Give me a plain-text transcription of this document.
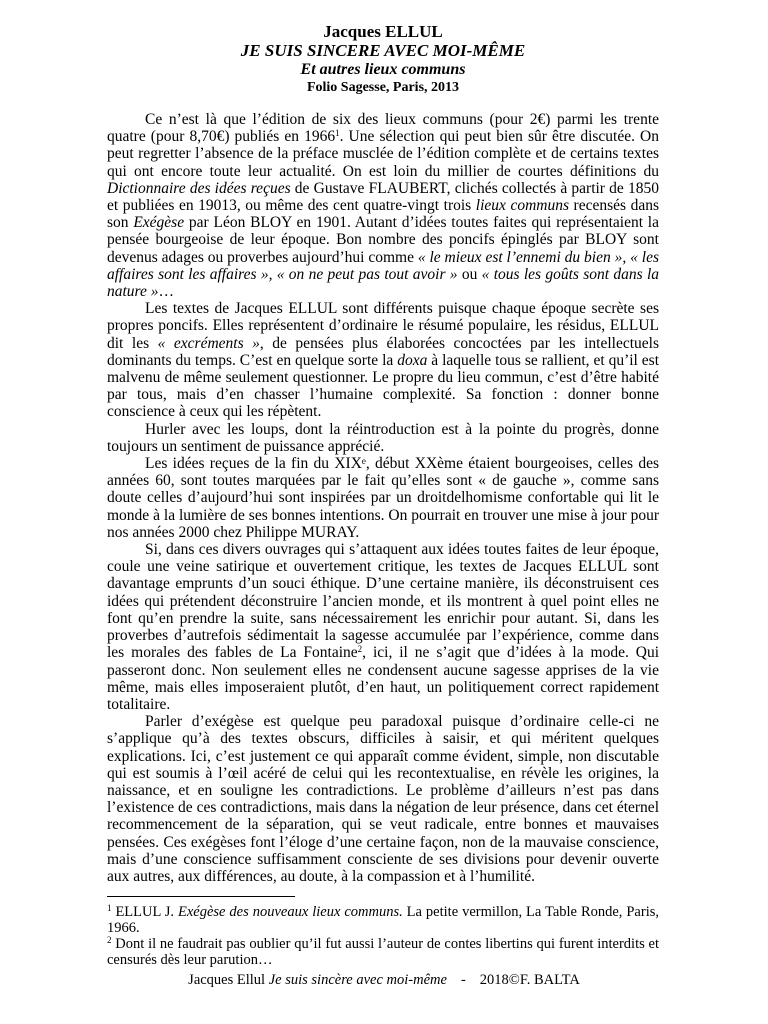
Jacques ELLUL
JE SUIS SINCERE AVEC MOI-MÊME
Et autres lieux communs
Folio Sagesse, Paris, 2013

Ce n’est là que l’édition de six des lieux communs (pour 2€) parmi les trente quatre (pour 8,70€) publiés en 1966$^1$. Une sélection qui peut bien sûr être discutée. On peut regretter l’absence de la préface musclée de l’édition complète et de certains textes qui ont encore toute leur actualité. On est loin du millier de courtes définitions du Dictionnaire des idées reçues de Gustave FLAUBERT, clichés collectés à partir de 1850 et publiées en 19013, ou même des cent quatre-vingt trois lieux communs recensés dans son Exégèse par Léon BLOY en 1901. Autant d’idées toutes faites qui représentaient la pensée bourgeoise de leur époque. Bon nombre des poncifs épinglés par BLOY sont devenus adages ou proverbes aujourd’hui comme « le mieux est l’ennemi du bien », « les affaires sont les affaires », « on ne peut pas tout avoir » ou « tous les goûts sont dans la nature »…

Les textes de Jacques ELLUL sont différents puisque chaque époque secrète ses propres poncifs. Elles représentent d’ordinaire le résumé populaire, les résidus, ELLUL dit les « excréments », de pensées plus élaborées concoctées par les intellectuels dominants du temps. C’est en quelque sorte la doxa à laquelle tous se rallient, et qu’il est malvenu de même seulement questionner. Le propre du lieu commun, c’est d’être habité par tous, mais d’en chasser l’humaine complexité. Sa fonction : donner bonne conscience à ceux qui les répètent.

Hurler avec les loups, dont la réintroduction est à la pointe du progrès, donne toujours un sentiment de puissance apprécié.

Les idées reçues de la fin du XIXᵉ, début XXème étaient bourgeoises, celles des années 60, sont toutes marquées par le fait qu’elles sont « de gauche », comme sans doute celles d’aujourd’hui sont inspirées par un droitdelhomisme confortable qui lit le monde à la lumière de ses bonnes intentions. On pourrait en trouver une mise à jour pour nos années 2000 chez Philippe MURAY.

Si, dans ces divers ouvrages qui s’attaquent aux idées toutes faites de leur époque, coule une veine satirique et ouvertement critique, les textes de Jacques ELLUL sont davantage emprunts d’un souci éthique. D’une certaine manière, ils déconstruisent ces idées qui prétendent déconstruire l’ancien monde, et ils montrent à quel point elles ne font qu’en prendre la suite, sans nécessairement les enrichir pour autant. Si, dans les proverbes d’autrefois sédimentait la sagesse accumulée par l’expérience, comme dans les morales des fables de La Fontaine$^2$, ici, il ne s’agit que d’idées à la mode. Qui passeront donc. Non seulement elles ne condensent aucune sagesse apprises de la vie même, mais elles imposeraient plutôt, d’en haut, un politiquement correct rapidement totalitaire.

Parler d’exégèse est quelque peu paradoxal puisque d’ordinaire celle-ci ne s’applique qu’à des textes obscurs, difficiles à saisir, et qui méritent quelques explications. Ici, c’est justement ce qui apparaît comme évident, simple, non discutable qui est soumis à l’œil acéré de celui qui les recontextualise, en révèle les origines, la naissance, et en souligne les contradictions. Le problème d’ailleurs n’est pas dans l’existence de ces contradictions, mais dans la négation de leur présence, dans cet éternel recommencement de la séparation, qui se veut radicale, entre bonnes et mauvaises pensées. Ces exégèses font l’éloge d’une certaine façon, non de la mauvaise conscience, mais d’une conscience suffisamment consciente de ses divisions pour devenir ouverte aux autres, aux différences, au doute, à la compassion et à l’humilité.

$^1$ ELLUL J. Exégèse des nouveaux lieux communs. La petite vermillon, La Table Ronde, Paris, 1966.

$^2$ Dont il ne faudrait pas oublier qu’il fut aussi l’auteur de contes libertins qui furent interdits et censurés dès leur parution…

Jacques Ellul Je suis sincère avec moi-même - 2018©F. BALTA
